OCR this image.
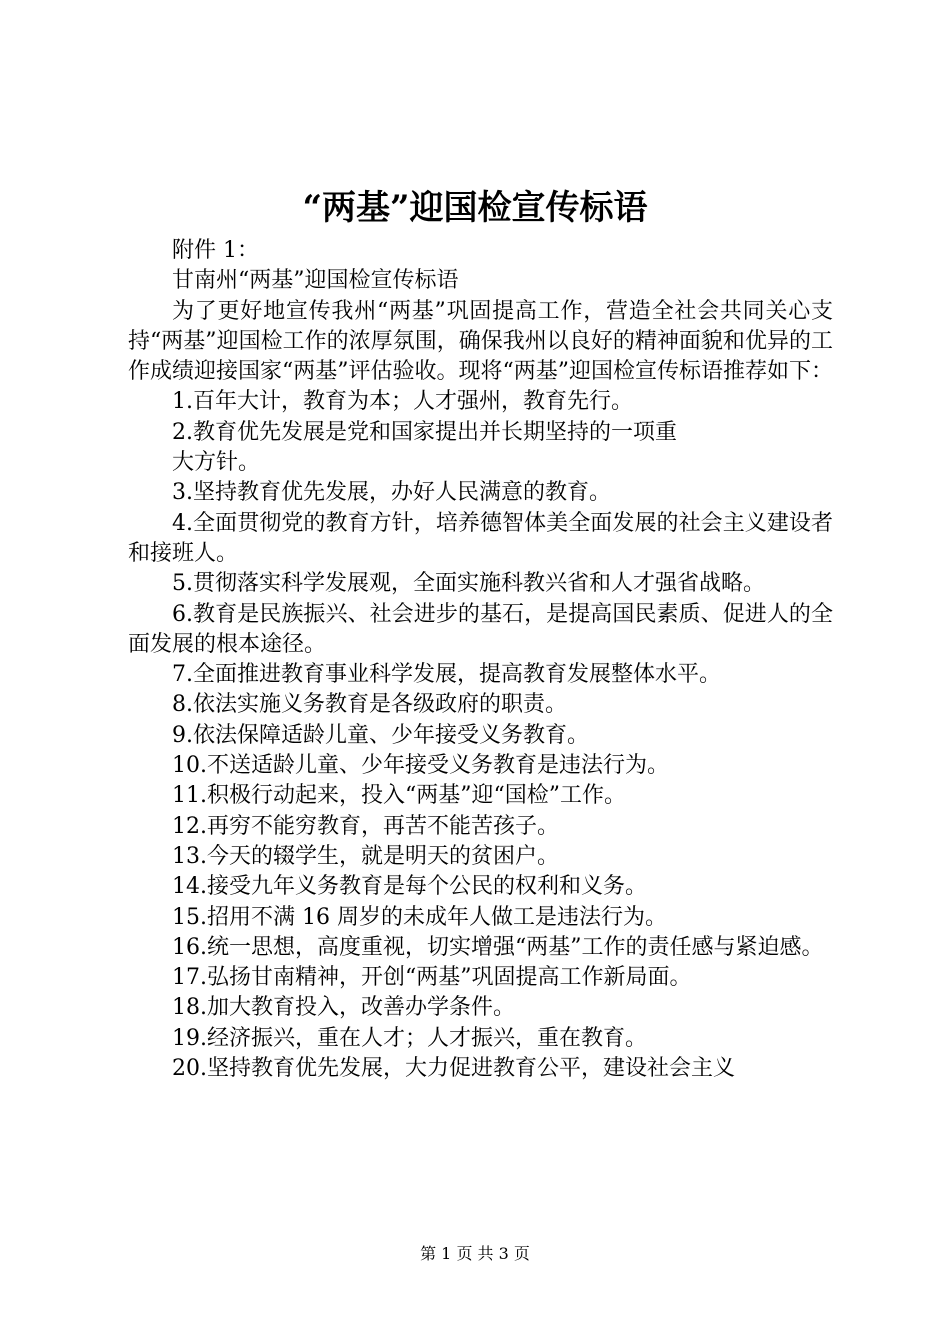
“两基”迎国检宣传标语

附件 1：

甘南州“两基”迎国检宣传标语

为了更好地宣传我州“两基”巩固提高工作，营造全社会共同关心支持“两基”迎国检工作的浓厚氛围，确保我州以良好的精神面貌和优异的工作成绩迎接国家“两基”评估验收。现将“两基”迎国检宣传标语推荐如下：

1.百年大计，教育为本；人才强州，教育先行。

2.教育优先发展是党和国家提出并长期坚持的一项重

大方针。

3.坚持教育优先发展，办好人民满意的教育。

4.全面贯彻党的教育方针，培养德智体美全面发展的社会主义建设者和接班人。

5.贯彻落实科学发展观，全面实施科教兴省和人才强省战略。

6.教育是民族振兴、社会进步的基石，是提高国民素质、促进人的全面发展的根本途径。

7.全面推进教育事业科学发展，提高教育发展整体水平。

8.依法实施义务教育是各级政府的职责。

9.依法保障适龄儿童、少年接受义务教育。

10.不送适龄儿童、少年接受义务教育是违法行为。

11.积极行动起来，投入“两基”迎“国检”工作。

12.再穷不能穷教育，再苦不能苦孩子。

13.今天的辍学生，就是明天的贫困户。

14.接受九年义务教育是每个公民的权利和义务。

15.招用不满 16 周岁的未成年人做工是违法行为。

16.统一思想，高度重视，切实增强“两基”工作的责任感与紧迫感。

17.弘扬甘南精神，开创“两基”巩固提高工作新局面。

18.加大教育投入，改善办学条件。

19.经济振兴，重在人才；人才振兴，重在教育。

20.坚持教育优先发展，大力促进教育公平，建设社会主义

第 1 页 共 3 页
